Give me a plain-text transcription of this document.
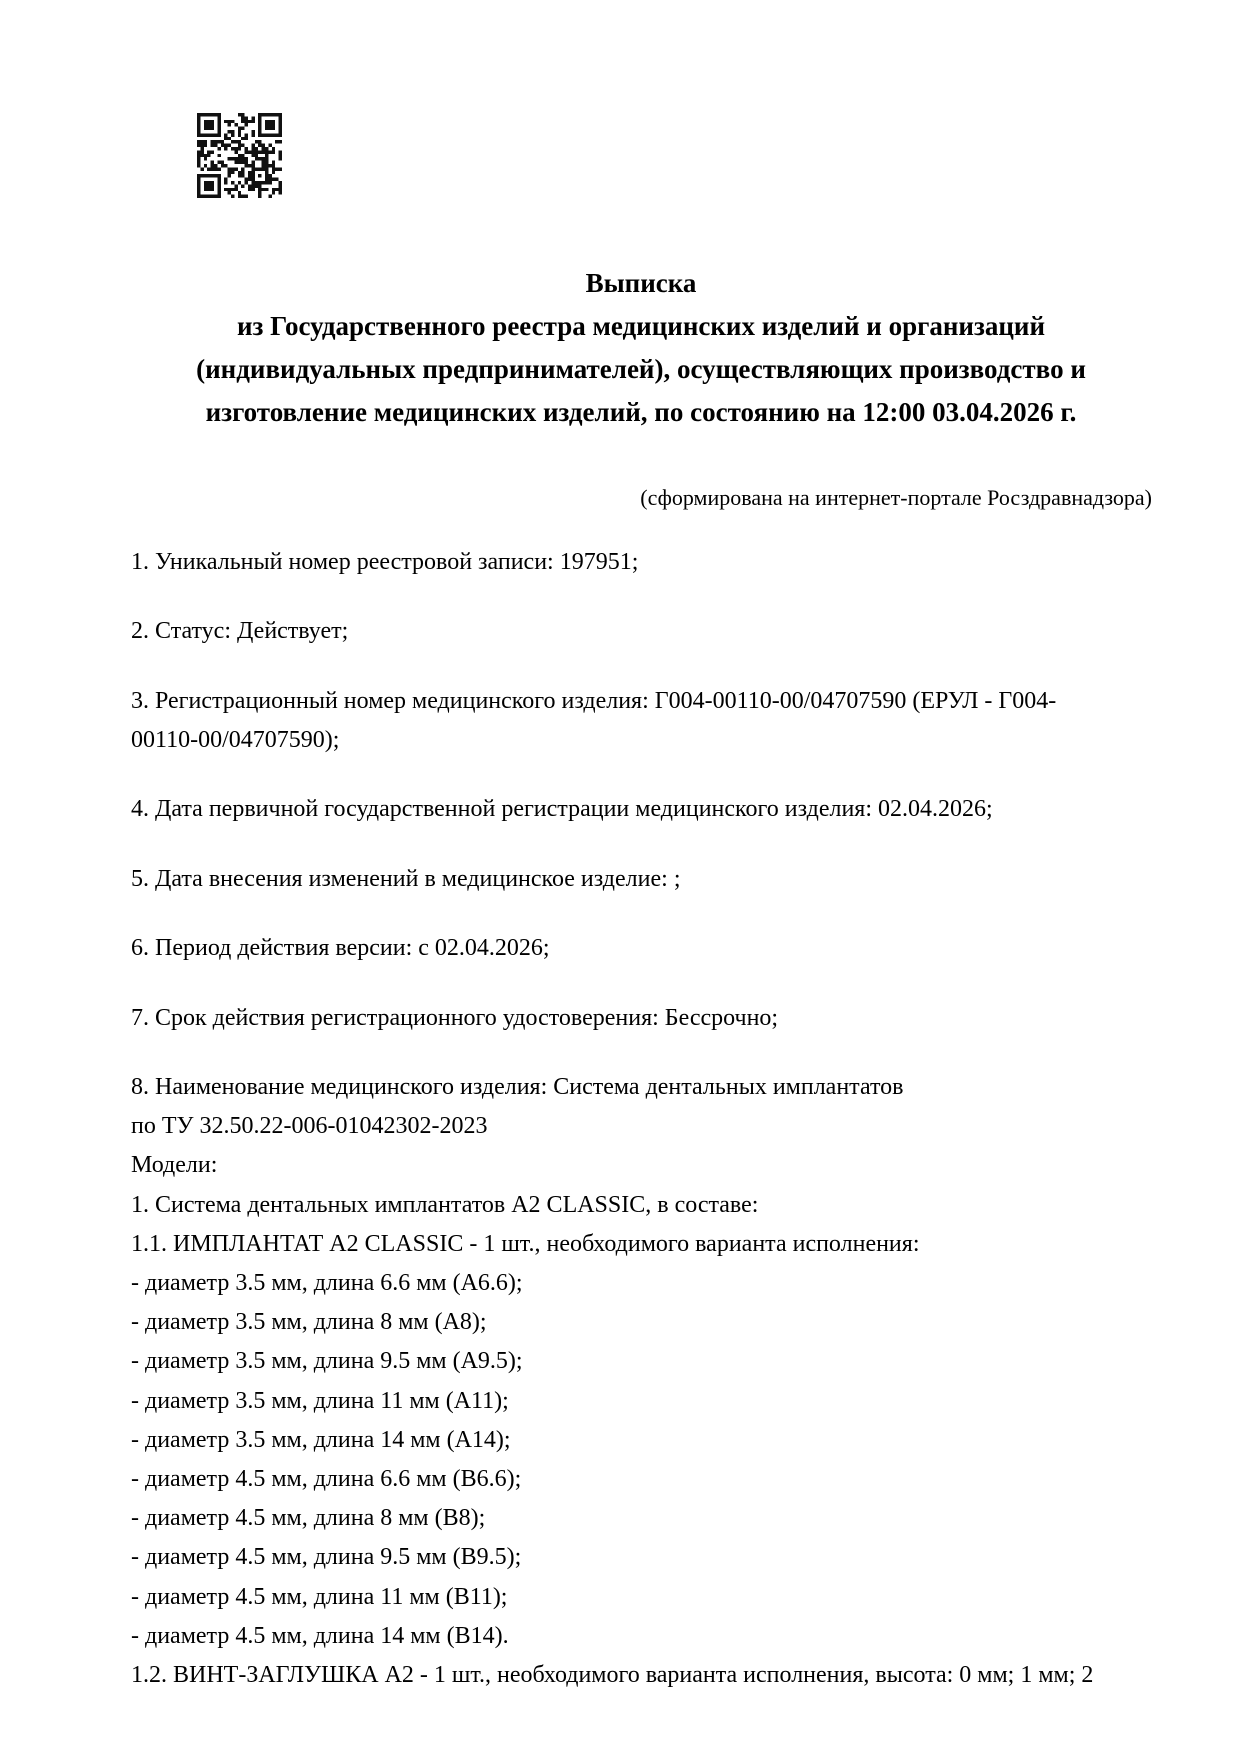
Выписка
из Государственного реестра медицинских изделий и организаций
(индивидуальных предпринимателей), осуществляющих производство и
изготовление медицинских изделий, по состоянию на 12:00 03.04.2026 г.
(сформирована на интернет-портале Росздравнадзора)
1. Уникальный номер реестровой записи: 197951;
2. Статус: Действует;
3. Регистрационный номер медицинского изделия: Г004-00110-00/04707590 (ЕРУЛ - Г004-
00110-00/04707590);
4. Дата первичной государственной регистрации медицинского изделия: 02.04.2026;
5. Дата внесения изменений в медицинское изделие: ;
6. Период действия версии: с 02.04.2026;
7. Срок действия регистрационного удостоверения: Бессрочно;
8. Наименование медицинского изделия: Система дентальных имплантатов
по ТУ 32.50.22-006-01042302-2023
Модели:
1. Система дентальных имплантатов А2 CLASSIC, в составе:
1.1. ИМПЛАНТАТ А2 CLASSIC - 1 шт., необходимого варианта исполнения:
- диаметр 3.5 мм, длина 6.6 мм (А6.6);
- диаметр 3.5 мм, длина 8 мм (А8);
- диаметр 3.5 мм, длина 9.5 мм (А9.5);
- диаметр 3.5 мм, длина 11 мм (А11);
- диаметр 3.5 мм, длина 14 мм (А14);
- диаметр 4.5 мм, длина 6.6 мм (В6.6);
- диаметр 4.5 мм, длина 8 мм (В8);
- диаметр 4.5 мм, длина 9.5 мм (В9.5);
- диаметр 4.5 мм, длина 11 мм (В11);
- диаметр 4.5 мм, длина 14 мм (В14).
1.2. ВИНТ-ЗАГЛУШКА А2 - 1 шт., необходимого варианта исполнения, высота: 0 мм; 1 мм; 2
